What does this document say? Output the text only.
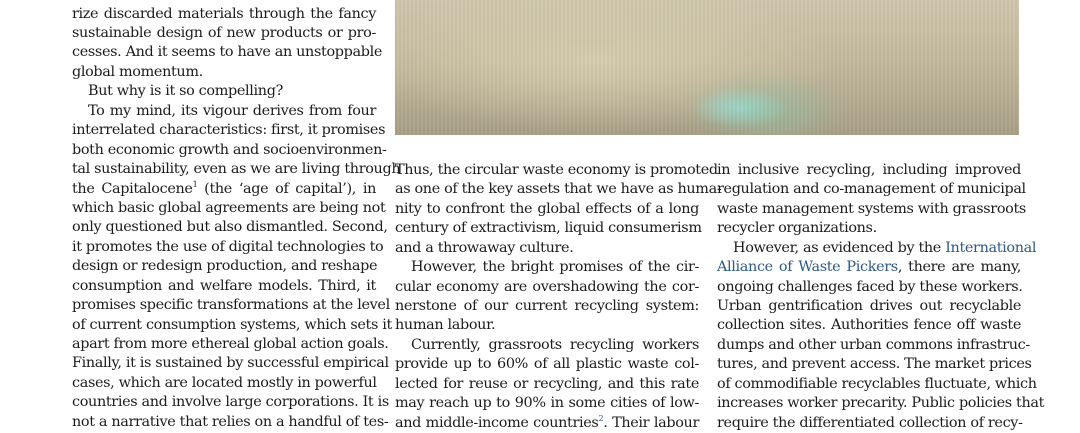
rize discarded materials through the fancy
sustainable design of new products or pro-
cesses. And it seems to have an unstoppable
global momentum.
But why is it so compelling?
To my mind, its vigour derives from four
interrelated characteristics: first, it promises
both economic growth and socioenvironmen-
tal sustainability, even as we are living through
the Capitalocene$^1$ (the ‘age of capital’), in
which basic global agreements are being not
only questioned but also dismantled. Second,
it promotes the use of digital technologies to
design or redesign production, and reshape
consumption and welfare models. Third, it
promises specific transformations at the level
of current consumption systems, which sets it
apart from more ethereal global action goals.
Finally, it is sustained by successful empirical
cases, which are located mostly in powerful
countries and involve large corporations. It is
not a narrative that relies on a handful of tes-
Thus, the circular waste economy is promoted
as one of the key assets that we have as huma-
nity to confront the global effects of a long
century of extractivism, liquid consumerism
and a throwaway culture.
However, the bright promises of the cir-
cular economy are overshadowing the cor-
nerstone of our current recycling system:
human labour.
Currently, grassroots recycling workers
provide up to 60% of all plastic waste col-
lected for reuse or recycling, and this rate
may reach up to 90% in some cities of low-
and middle-income countries$^2$. Their labour
in inclusive recycling, including improved
regulation and co-management of municipal
waste management systems with grassroots
recycler organizations.
However, as evidenced by the International
Alliance of Waste Pickers, there are many,
ongoing challenges faced by these workers.
Urban gentrification drives out recyclable
collection sites. Authorities fence off waste
dumps and other urban commons infrastruc-
tures, and prevent access. The market prices
of commodifiable recyclables fluctuate, which
increases worker precarity. Public policies that
require the differentiated collection of recy-
